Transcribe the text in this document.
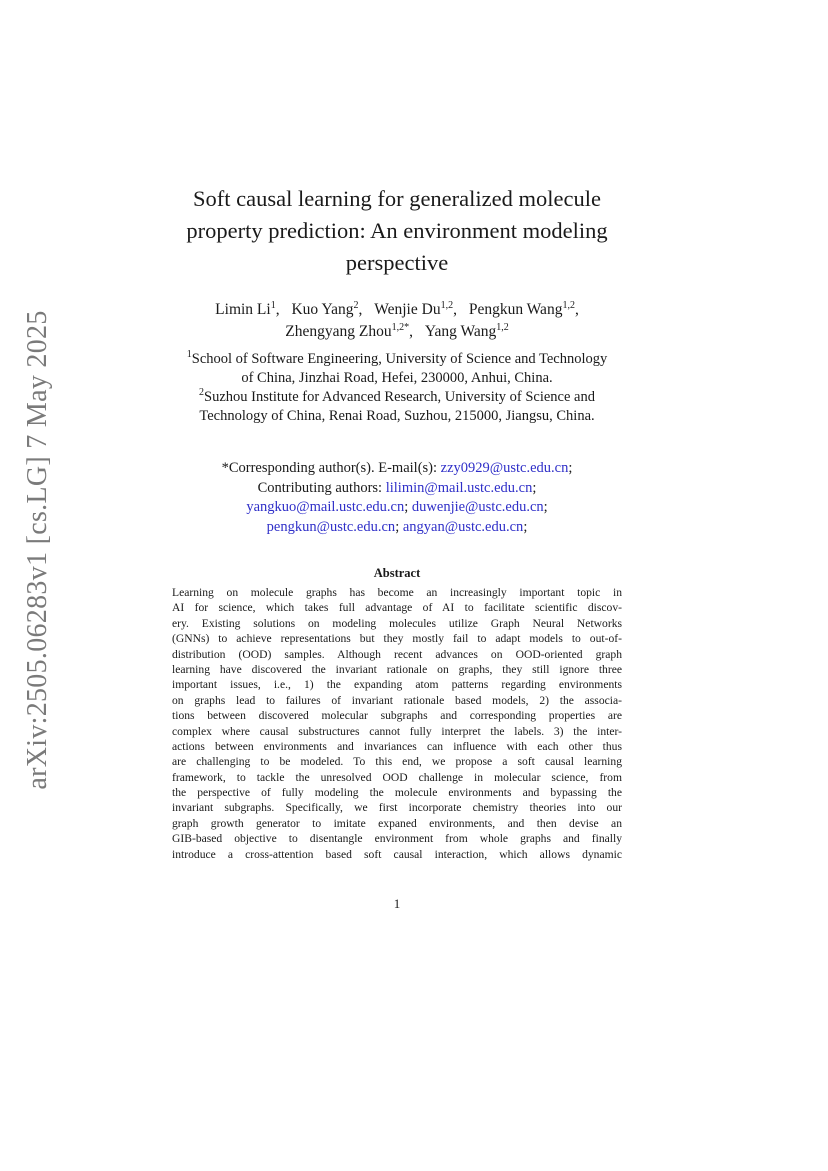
arXiv:2505.06283v1 [cs.LG] 7 May 2025
Soft causal learning for generalized molecule
property prediction: An environment modeling
perspective
Limin Li$^1$, Kuo Yang$^2$, Wenjie Du$^{1,2}$, Pengkun Wang$^{1,2}$,
Zhengyang Zhou$^{1,2*}$, Yang Wang$^{1,2}$
$^1$School of Software Engineering, University of Science and Technology
of China, Jinzhai Road, Hefei, 230000, Anhui, China.
$^2$Suzhou Institute for Advanced Research, University of Science and
Technology of China, Renai Road, Suzhou, 215000, Jiangsu, China.
*Corresponding author(s). E-mail(s): zzy0929@ustc.edu.cn;
Contributing authors: lilimin@mail.ustc.edu.cn;
yangkuo@mail.ustc.edu.cn; duwenjie@ustc.edu.cn;
pengkun@ustc.edu.cn; angyan@ustc.edu.cn;
Abstract
Learning on molecule graphs has become an increasingly important topic in
AI for science, which takes full advantage of AI to facilitate scientific discov-
ery. Existing solutions on modeling molecules utilize Graph Neural Networks
(GNNs) to achieve representations but they mostly fail to adapt models to out-of-
distribution (OOD) samples. Although recent advances on OOD-oriented graph
learning have discovered the invariant rationale on graphs, they still ignore three
important issues, i.e., 1) the expanding atom patterns regarding environments
on graphs lead to failures of invariant rationale based models, 2) the associa-
tions between discovered molecular subgraphs and corresponding properties are
complex where causal substructures cannot fully interpret the labels. 3) the inter-
actions between environments and invariances can influence with each other thus
are challenging to be modeled. To this end, we propose a soft causal learning
framework, to tackle the unresolved OOD challenge in molecular science, from
the perspective of fully modeling the molecule environments and bypassing the
invariant subgraphs. Specifically, we first incorporate chemistry theories into our
graph growth generator to imitate expaned environments, and then devise an
GIB-based objective to disentangle environment from whole graphs and finally
introduce a cross-attention based soft causal interaction, which allows dynamic
1
